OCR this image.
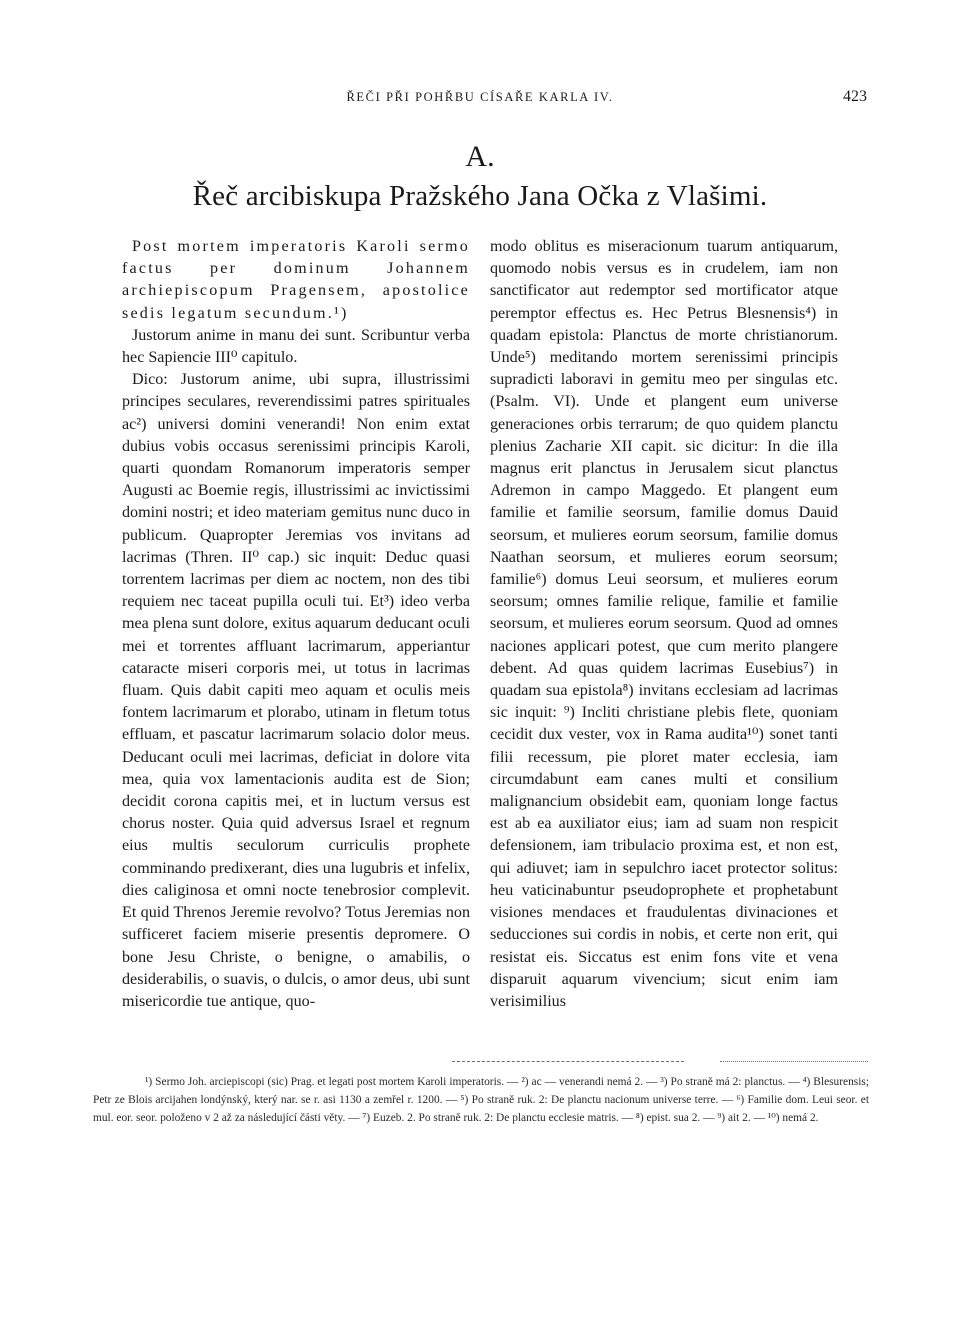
ŘEČI PŘI POHŘBU CÍSAŘE KARLA IV.	423
A.
Řeč arcibiskupa Pražského Jana Očka z Vlašimi.

Post mortem imperatoris Karoli sermo factus per dominum Johannem archiepiscopum Pragensem, apostolice sedis legatum secundum.¹)

Justorum anime in manu dei sunt. Scribuntur verba hec Sapiencie III⁰ capitulo.

Dico: Justorum anime, ubi supra, illustrissimi principes seculares, reverendissimi patres spirituales ac²) universi domini venerandi! Non enim extat dubius vobis occasus serenissimi principis Karoli, quarti quondam Romanorum imperatoris semper Augusti ac Boemie regis, illustrissimi ac invictissimi domini nostri; et ideo materiam gemitus nunc duco in publicum. Quapropter Jeremias vos invitans ad lacrimas (Thren. II⁰ cap.) sic inquit: Deduc quasi torrentem lacrimas per diem ac noctem, non des tibi requiem nec taceat pupilla oculi tui. Et³) ideo verba mea plena sunt dolore, exitus aquarum deducant oculi mei et torrentes affluant lacrimarum, apperiantur cataracte miseri corporis mei, ut totus in lacrimas fluam. Quis dabit capiti meo aquam et oculis meis fontem lacrimarum et plorabo, utinam in fletum totus effluam, et pascatur lacrimarum solacio dolor meus. Deducant oculi mei lacrimas, deficiat in dolore vita mea, quia vox lamentacionis audita est de Sion; decidit corona capitis mei, et in luctum versus est chorus noster. Quia quid adversus Israel et regnum eius multis seculorum curriculis prophete comminando predixerant, dies una lugubris et infelix, dies caliginosa et omni nocte tenebrosior complevit. Et quid Threnos Jeremie revolvo? Totus Jeremias non sufficeret faciem miserie presentis depromere. O bone Jesu Christe, o benigne, o amabilis, o desiderabilis, o suavis, o dulcis, o amor deus, ubi sunt misericordie tue antique, quo-

modo oblitus es miseracionum tuarum antiquarum, quomodo nobis versus es in crudelem, iam non sanctificator aut redemptor sed mortificator atque peremptor effectus es. Hec Petrus Blesnensis⁴) in quadam epistola: Planctus de morte christianorum. Unde⁵) meditando mortem serenissimi principis supradicti laboravi in gemitu meo per singulas etc. (Psalm. VI). Unde et plangent eum universe generaciones orbis terrarum; de quo quidem planctu plenius Zacharie XII capit. sic dicitur: In die illa magnus erit planctus in Jerusalem sicut planctus Adremon in campo Maggedo. Et plangent eum familie et familie seorsum, familie domus Dauid seorsum, et mulieres eorum seorsum, familie domus Naathan seorsum, et mulieres eorum seorsum; familie⁶) domus Leui seorsum, et mulieres eorum seorsum; omnes familie relique, familie et familie seorsum, et mulieres eorum seorsum. Quod ad omnes naciones applicari potest, que cum merito plangere debent. Ad quas quidem lacrimas Eusebius⁷) in quadam sua epistola⁸) invitans ecclesiam ad lacrimas sic inquit: ⁹) Incliti christiane plebis flete, quoniam cecidit dux vester, vox in Rama audita¹⁰) sonet tanti filii recessum, pie ploret mater ecclesia, iam circumdabunt eam canes multi et consilium malignancium obsidebit eam, quoniam longe factus est ab ea auxiliator eius; iam ad suam non respicit defensionem, iam tribulacio proxima est, et non est, qui adiuvet; iam in sepulchro iacet protector solitus: heu vaticinabuntur pseudoprophete et prophetabunt visiones mendaces et fraudulentas divinaciones et seducciones sui cordis in nobis, et certe non erit, qui resistat eis. Siccatus est enim fons vite et vena disparuit aquarum vivencium; sicut enim iam verisimilius

¹) Sermo Joh. arciepiscopi (sic) Prag. et legati post mortem Karoli imperatoris. — ²) ac — venerandi nemá 2. — ³) Po straně má 2: planctus. — ⁴) Blesurensis; Petr ze Blois arcijahen londýnský, který nar. se r. asi 1130 a zemřel r. 1200. — ⁵) Po straně ruk. 2: De planctu nacionum universe terre. — ⁶) Familie dom. Leui seor. et mul. eor. seor. položeno v 2 až za následující části věty. — ⁷) Euzeb. 2. Po straně ruk. 2: De planctu ecclesie matris. — ⁸) epist. sua 2. — ⁹) ait 2. — ¹⁰) nemá 2.
